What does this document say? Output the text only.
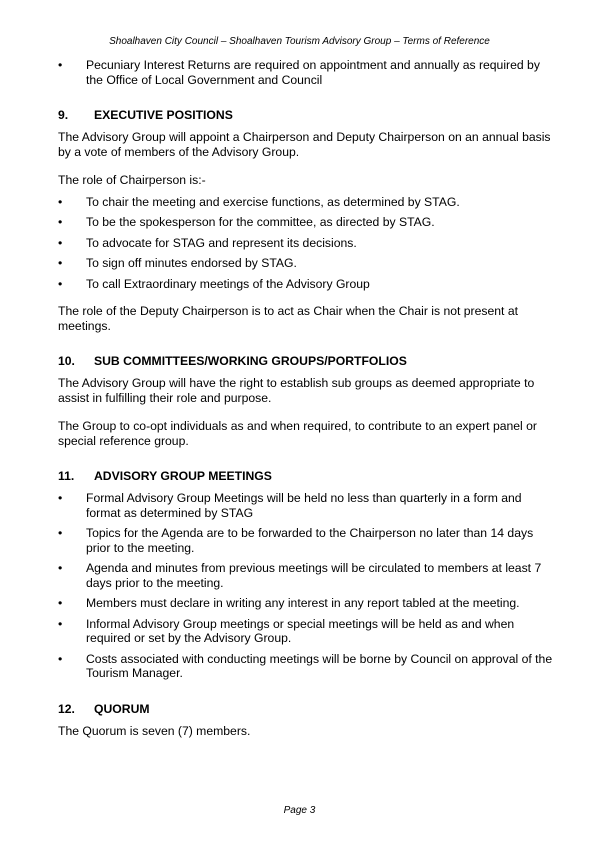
Shoalhaven City Council – Shoalhaven Tourism Advisory Group – Terms of Reference
•	Pecuniary Interest Returns are required on appointment and annually as required by the Office of Local Government and Council
9.	EXECUTIVE POSITIONS

The Advisory Group will appoint a Chairperson and Deputy Chairperson on an annual basis by a vote of members of the Advisory Group.

The role of Chairperson is:-

•	To chair the meeting and exercise functions, as determined by STAG.
•	To be the spokesperson for the committee, as directed by STAG.
•	To advocate for STAG and represent its decisions.
•	To sign off minutes endorsed by STAG.
•	To call Extraordinary meetings of the Advisory Group

The role of the Deputy Chairperson is to act as Chair when the Chair is not present at meetings.

10.	SUB COMMITTEES/WORKING GROUPS/PORTFOLIOS

The Advisory Group will have the right to establish sub groups as deemed appropriate to assist in fulfilling their role and purpose.

The Group to co-opt individuals as and when required, to contribute to an expert panel or special reference group.

11.	ADVISORY GROUP MEETINGS
•	Formal Advisory Group Meetings will be held no less than quarterly in a form and format as determined by STAG
•	Topics for the Agenda are to be forwarded to the Chairperson no later than 14 days prior to the meeting.
•	Agenda and minutes from previous meetings will be circulated to members at least 7 days prior to the meeting.
•	Members must declare in writing any interest in any report tabled at the meeting.
•	Informal Advisory Group meetings or special meetings will be held as and when required or set by the Advisory Group.
•	Costs associated with conducting meetings will be borne by Council on approval of the Tourism Manager.
12.	QUORUM

The Quorum is seven (7) members.

Page 3
